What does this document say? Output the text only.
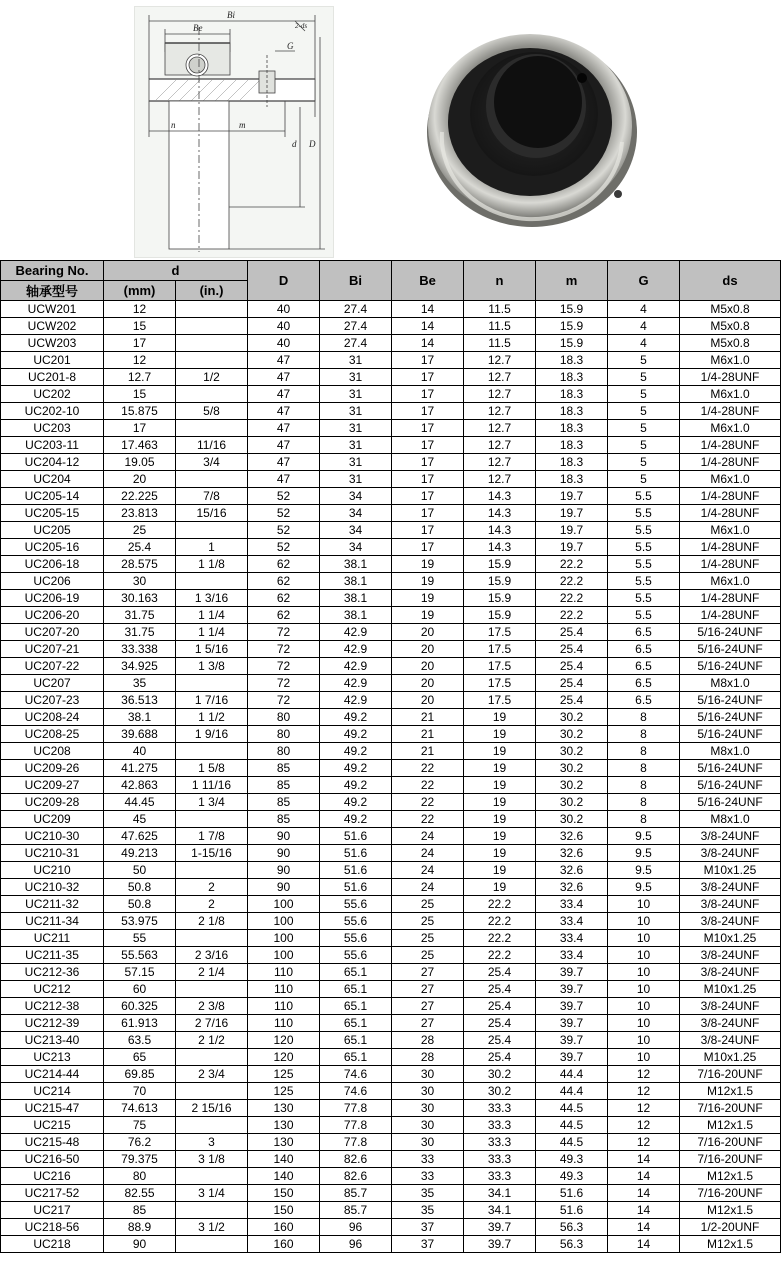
Bi
Be	2-ds
G
n	m
d D
Bearing No.	d		D	Bi	Be	n	m	G	ds
轴承型号	(mm)	(in.)							
UCW201	12		40	27.4	14	11.5	15.9	4	M5x0.8
UCW202	15		40	27.4	14	11.5	15.9	4	M5x0.8
UCW203	17		40	27.4	14	11.5	15.9	4	M5x0.8
UC201	12		47	31	17	12.7	18.3	5	M6x1.0
UC201-8	12.7	1/2	47	31	17	12.7	18.3	5	1/4-28UNF
UC202	15		47	31	17	12.7	18.3	5	M6x1.0
UC202-10	15.875	5/8	47	31	17	12.7	18.3	5	1/4-28UNF
UC203	17		47	31	17	12.7	18.3	5	M6x1.0
UC203-11	17.463	11/16	47	31	17	12.7	18.3	5	1/4-28UNF
UC204-12	19.05	3/4	47	31	17	12.7	18.3	5	1/4-28UNF
UC204	20		47	31	17	12.7	18.3	5	M6x1.0
UC205-14	22.225	7/8	52	34	17	14.3	19.7	5.5	1/4-28UNF
UC205-15	23.813	15/16	52	34	17	14.3	19.7	5.5	1/4-28UNF
UC205	25		52	34	17	14.3	19.7	5.5	M6x1.0
UC205-16	25.4	1	52	34	17	14.3	19.7	5.5	1/4-28UNF
UC206-18	28.575	1 1/8	62	38.1	19	15.9	22.2	5.5	1/4-28UNF
UC206	30		62	38.1	19	15.9	22.2	5.5	M6x1.0
UC206-19	30.163	1 3/16	62	38.1	19	15.9	22.2	5.5	1/4-28UNF
UC206-20	31.75	1 1/4	62	38.1	19	15.9	22.2	5.5	1/4-28UNF
UC207-20	31.75	1 1/4	72	42.9	20	17.5	25.4	6.5	5/16-24UNF
UC207-21	33.338	1 5/16	72	42.9	20	17.5	25.4	6.5	5/16-24UNF
UC207-22	34.925	1 3/8	72	42.9	20	17.5	25.4	6.5	5/16-24UNF
UC207	35		72	42.9	20	17.5	25.4	6.5	M8x1.0
UC207-23	36.513	1 7/16	72	42.9	20	17.5	25.4	6.5	5/16-24UNF
UC208-24	38.1	1 1/2	80	49.2	21	19	30.2	8	5/16-24UNF
UC208-25	39.688	1 9/16	80	49.2	21	19	30.2	8	5/16-24UNF
UC208	40		80	49.2	21	19	30.2	8	M8x1.0
UC209-26	41.275	1 5/8	85	49.2	22	19	30.2	8	5/16-24UNF
UC209-27	42.863	1 11/16	85	49.2	22	19	30.2	8	5/16-24UNF
UC209-28	44.45	1 3/4	85	49.2	22	19	30.2	8	5/16-24UNF
UC209	45		85	49.2	22	19	30.2	8	M8x1.0
UC210-30	47.625	1 7/8	90	51.6	24	19	32.6	9.5	3/8-24UNF
UC210-31	49.213	1-15/16	90	51.6	24	19	32.6	9.5	3/8-24UNF
UC210	50		90	51.6	24	19	32.6	9.5	M10x1.25
UC210-32	50.8	2	90	51.6	24	19	32.6	9.5	3/8-24UNF
UC211-32	50.8	2	100	55.6	25	22.2	33.4	10	3/8-24UNF
UC211-34	53.975	2 1/8	100	55.6	25	22.2	33.4	10	3/8-24UNF
UC211	55		100	55.6	25	22.2	33.4	10	M10x1.25
UC211-35	55.563	2 3/16	100	55.6	25	22.2	33.4	10	3/8-24UNF
UC212-36	57.15	2 1/4	110	65.1	27	25.4	39.7	10	3/8-24UNF
UC212	60		110	65.1	27	25.4	39.7	10	M10x1.25
UC212-38	60.325	2 3/8	110	65.1	27	25.4	39.7	10	3/8-24UNF
UC212-39	61.913	2 7/16	110	65.1	27	25.4	39.7	10	3/8-24UNF
UC213-40	63.5	2 1/2	120	65.1	28	25.4	39.7	10	3/8-24UNF
UC213	65		120	65.1	28	25.4	39.7	10	M10x1.25
UC214-44	69.85	2 3/4	125	74.6	30	30.2	44.4	12	7/16-20UNF
UC214	70		125	74.6	30	30.2	44.4	12	M12x1.5
UC215-47	74.613	2 15/16	130	77.8	30	33.3	44.5	12	7/16-20UNF
UC215	75		130	77.8	30	33.3	44.5	12	M12x1.5
UC215-48	76.2	3	130	77.8	30	33.3	44.5	12	7/16-20UNF
UC216-50	79.375	3 1/8	140	82.6	33	33.3	49.3	14	7/16-20UNF
UC216	80		140	82.6	33	33.3	49.3	14	M12x1.5
UC217-52	82.55	3 1/4	150	85.7	35	34.1	51.6	14	7/16-20UNF
UC217	85		150	85.7	35	34.1	51.6	14	M12x1.5
UC218-56	88.9	3 1/2	160	96	37	39.7	56.3	14	1/2-20UNF
UC218	90		160	96	37	39.7	56.3	14	M12x1.5
